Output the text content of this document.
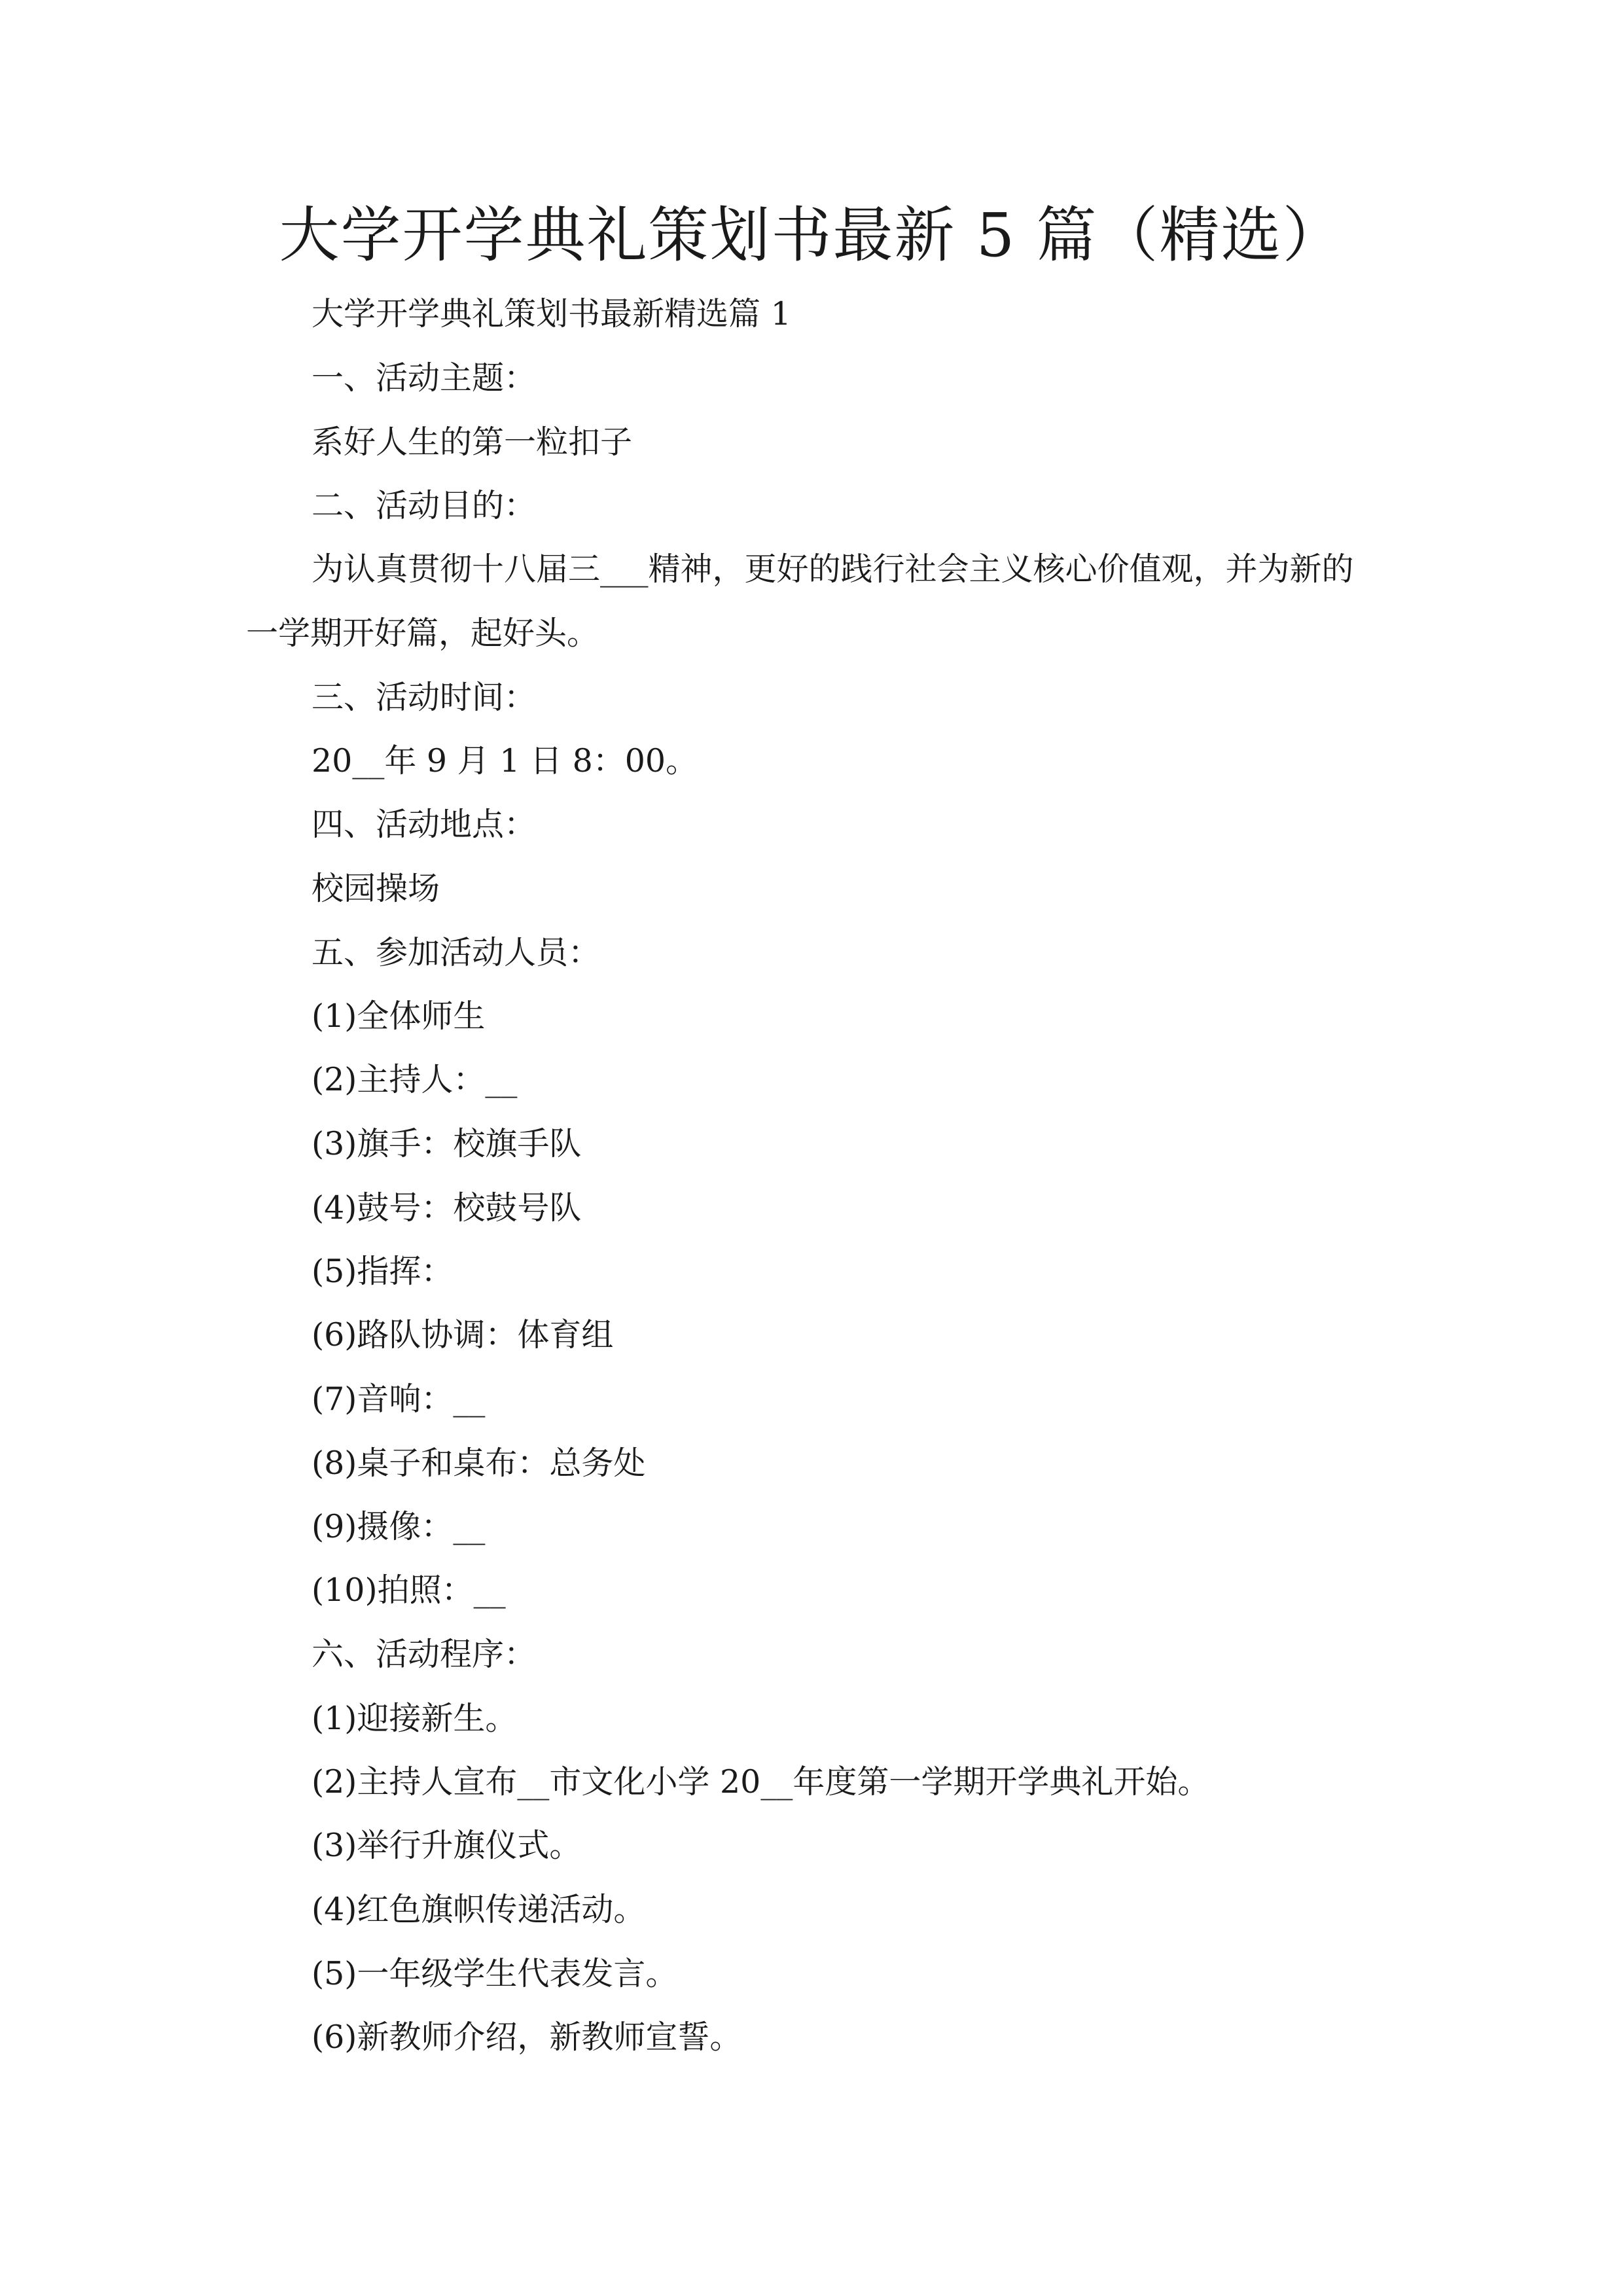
大学开学典礼策划书最新 5 篇（精选）

大学开学典礼策划书最新精选篇 1

一、活动主题：

系好人生的第一粒扣子

二、活动目的：

为认真贯彻十八届三___精神，更好的践行社会主义核心价值观，并为新的

一学期开好篇，起好头。

三、活动时间：

20__年 9 月 1 日 8：00。

四、活动地点：

校园操场

五、参加活动人员：

(1)全体师生

(2)主持人：__

(3)旗手：校旗手队

(4)鼓号：校鼓号队

(5)指挥：

(6)路队协调：体育组

(7)音响：__

(8)桌子和桌布：总务处

(9)摄像：__

(10)拍照：__

六、活动程序：

(1)迎接新生。

(2)主持人宣布__市文化小学 20__年度第一学期开学典礼开始。

(3)举行升旗仪式。

(4)红色旗帜传递活动。

(5)一年级学生代表发言。

(6)新教师介绍，新教师宣誓。
